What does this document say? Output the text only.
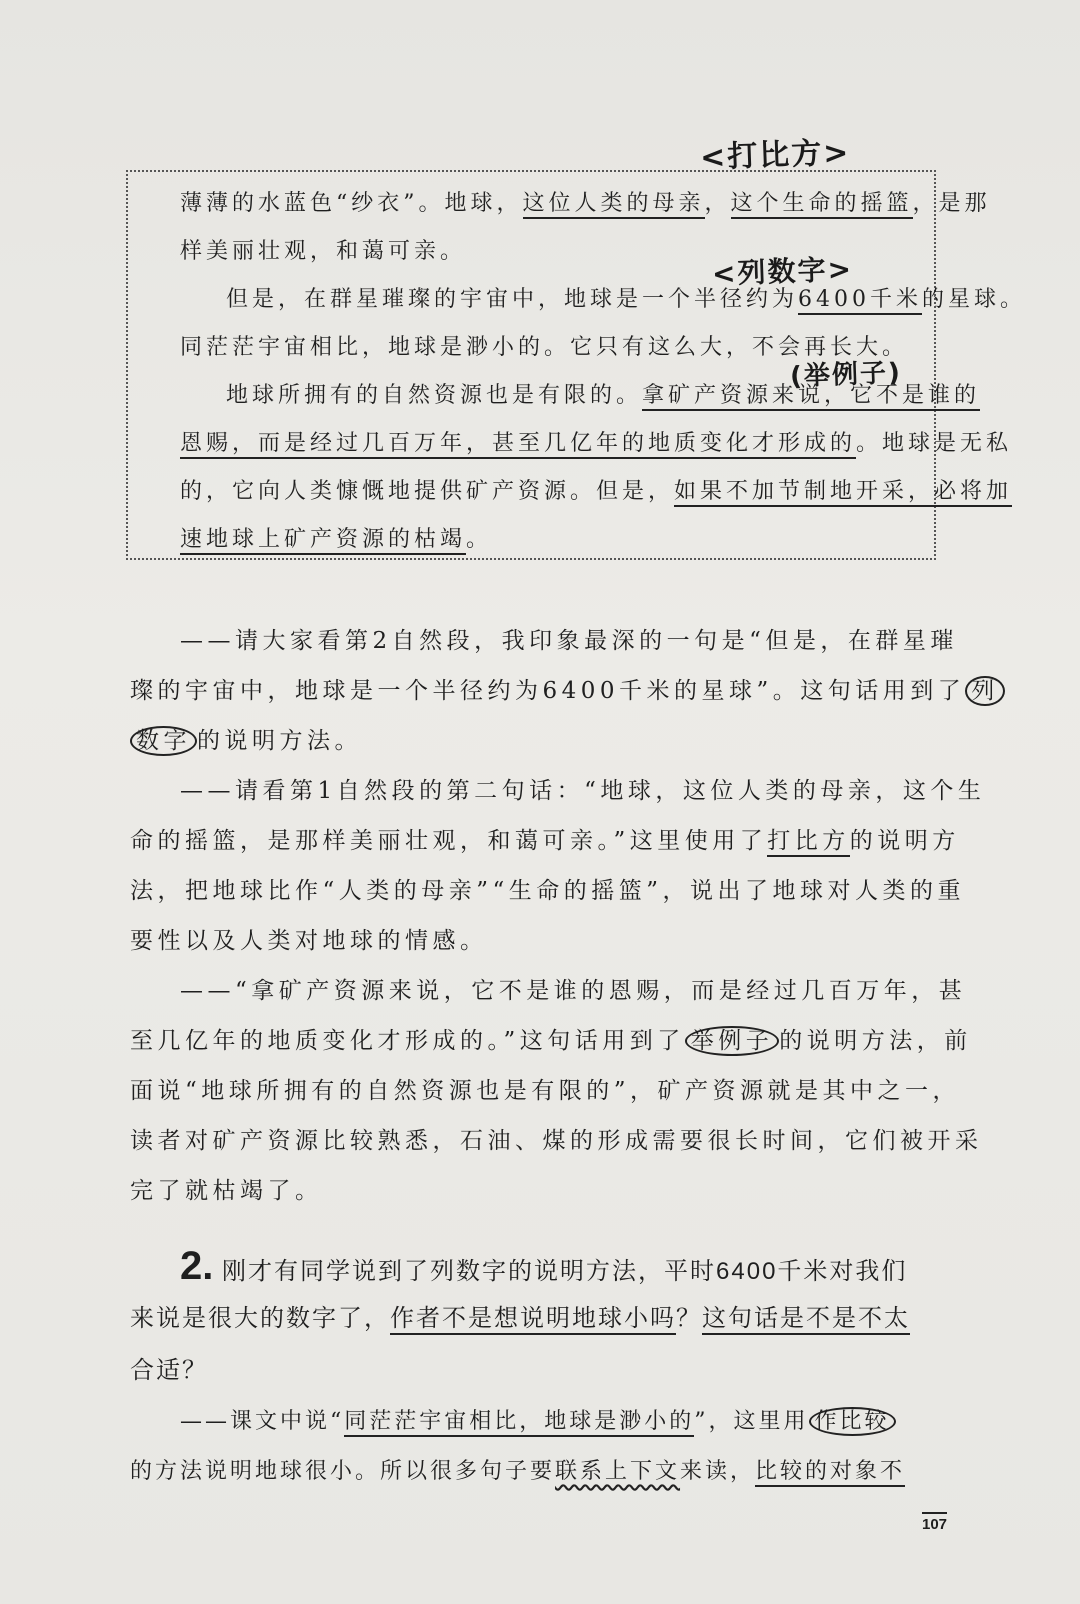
<打比方>
<列数字>
(举例子)
薄薄的水蓝色“纱衣”。地球，这位人类的母亲，这个生命的摇篮，是那
样美丽壮观，和蔼可亲。
但是，在群星璀璨的宇宙中，地球是一个半径约为6400千米的星球。
同茫茫宇宙相比，地球是渺小的。它只有这么大，不会再长大。
地球所拥有的自然资源也是有限的。拿矿产资源来说，它不是谁的
恩赐，而是经过几百万年，甚至几亿年的地质变化才形成的。地球是无私
的，它向人类慷慨地提供矿产资源。但是，如果不加节制地开采，必将加
速地球上矿产资源的枯竭。
——请大家看第2自然段，我印象最深的一句是“但是，在群星璀
璨的宇宙中，地球是一个半径约为6400千米的星球”。这句话用到了 列
数字 的说明方法。
——请看第1自然段的第二句话：“地球，这位人类的母亲，这个生
命的摇篮，是那样美丽壮观，和蔼可亲。”这里使用了打比方的说明方
法，把地球比作“人类的母亲”“生命的摇篮”，说出了地球对人类的重
要性以及人类对地球的情感。
——“拿矿产资源来说，它不是谁的恩赐，而是经过几百万年，甚
至几亿年的地质变化才形成的。”这句话用到了 举例子 的说明方法，前
面说“地球所拥有的自然资源也是有限的”，矿产资源就是其中之一，
读者对矿产资源比较熟悉，石油、煤的形成需要很长时间，它们被开采
完了就枯竭了。
2. 刚才有同学说到了列数字的说明方法，平时6400千米对我们
来说是很大的数字了，作者不是想说明地球小吗？这句话是不是不太
合适？
——课文中说“同茫茫宇宙相比，地球是渺小的”，这里用 作比较
的方法说明地球很小。所以很多句子要联系上下文来读，比较的对象不
107
